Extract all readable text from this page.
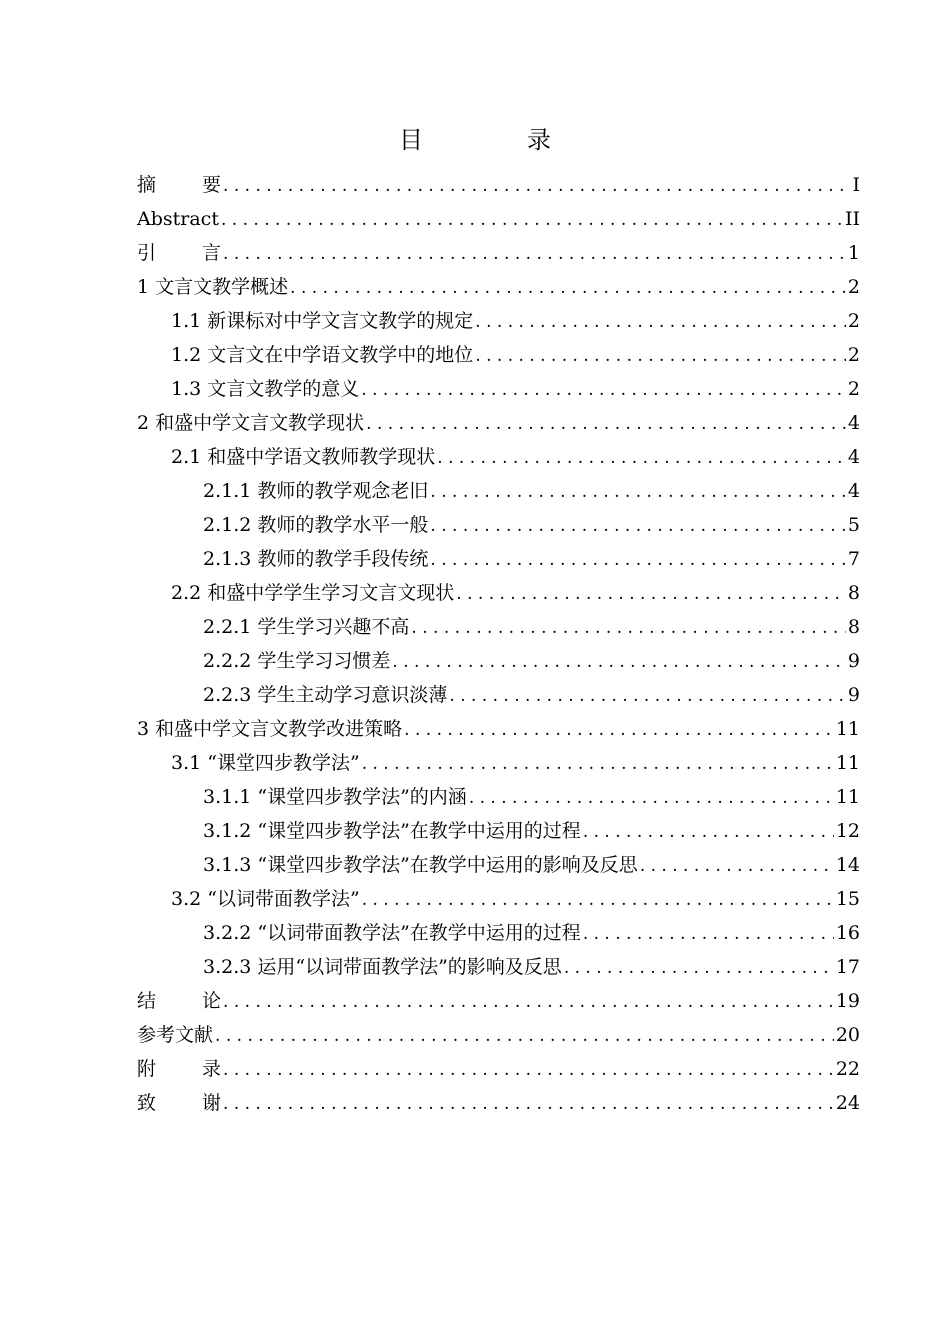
目　录
摘要 . . .	I
Abstract . . .	II
引言 . . .	1
1 文言文教学概述 . . .	2
1.1 新课标对中学文言文教学的规定 . . .	2
1.2 文言文在中学语文教学中的地位 . . .	2
1.3 文言文教学的意义 . . .	2
2 和盛中学文言文教学现状 . . .	4
2.1 和盛中学语文教师教学现状 . . .	4
2.1.1 教师的教学观念老旧 . . .	4
2.1.2 教师的教学水平一般 . . .	5
2.1.3 教师的教学手段传统 . . .	7
2.2 和盛中学学生学习文言文现状 . . .	8
2.2.1 学生学习兴趣不高 . . .	8
2.2.2 学生学习习惯差 . . .	9
2.2.3 学生主动学习意识淡薄 . . .	9
3 和盛中学文言文教学改进策略 . . .	11
3.1 “课堂四步教学法” . . .	11
3.1.1 “课堂四步教学法”的内涵 . . .	11
3.1.2 “课堂四步教学法”在教学中运用的过程 . . .	12
3.1.3 “课堂四步教学法”在教学中运用的影响及反思 . . .	14
3.2 “以词带面教学法” . . .	15
3.2.2 “以词带面教学法”在教学中运用的过程 . . .	16
3.2.3 运用“以词带面教学法”的影响及反思 . . .	17
结论 . . .	19
参考文献 . . .	20
附录 . . .	22
致谢 . . .	24
